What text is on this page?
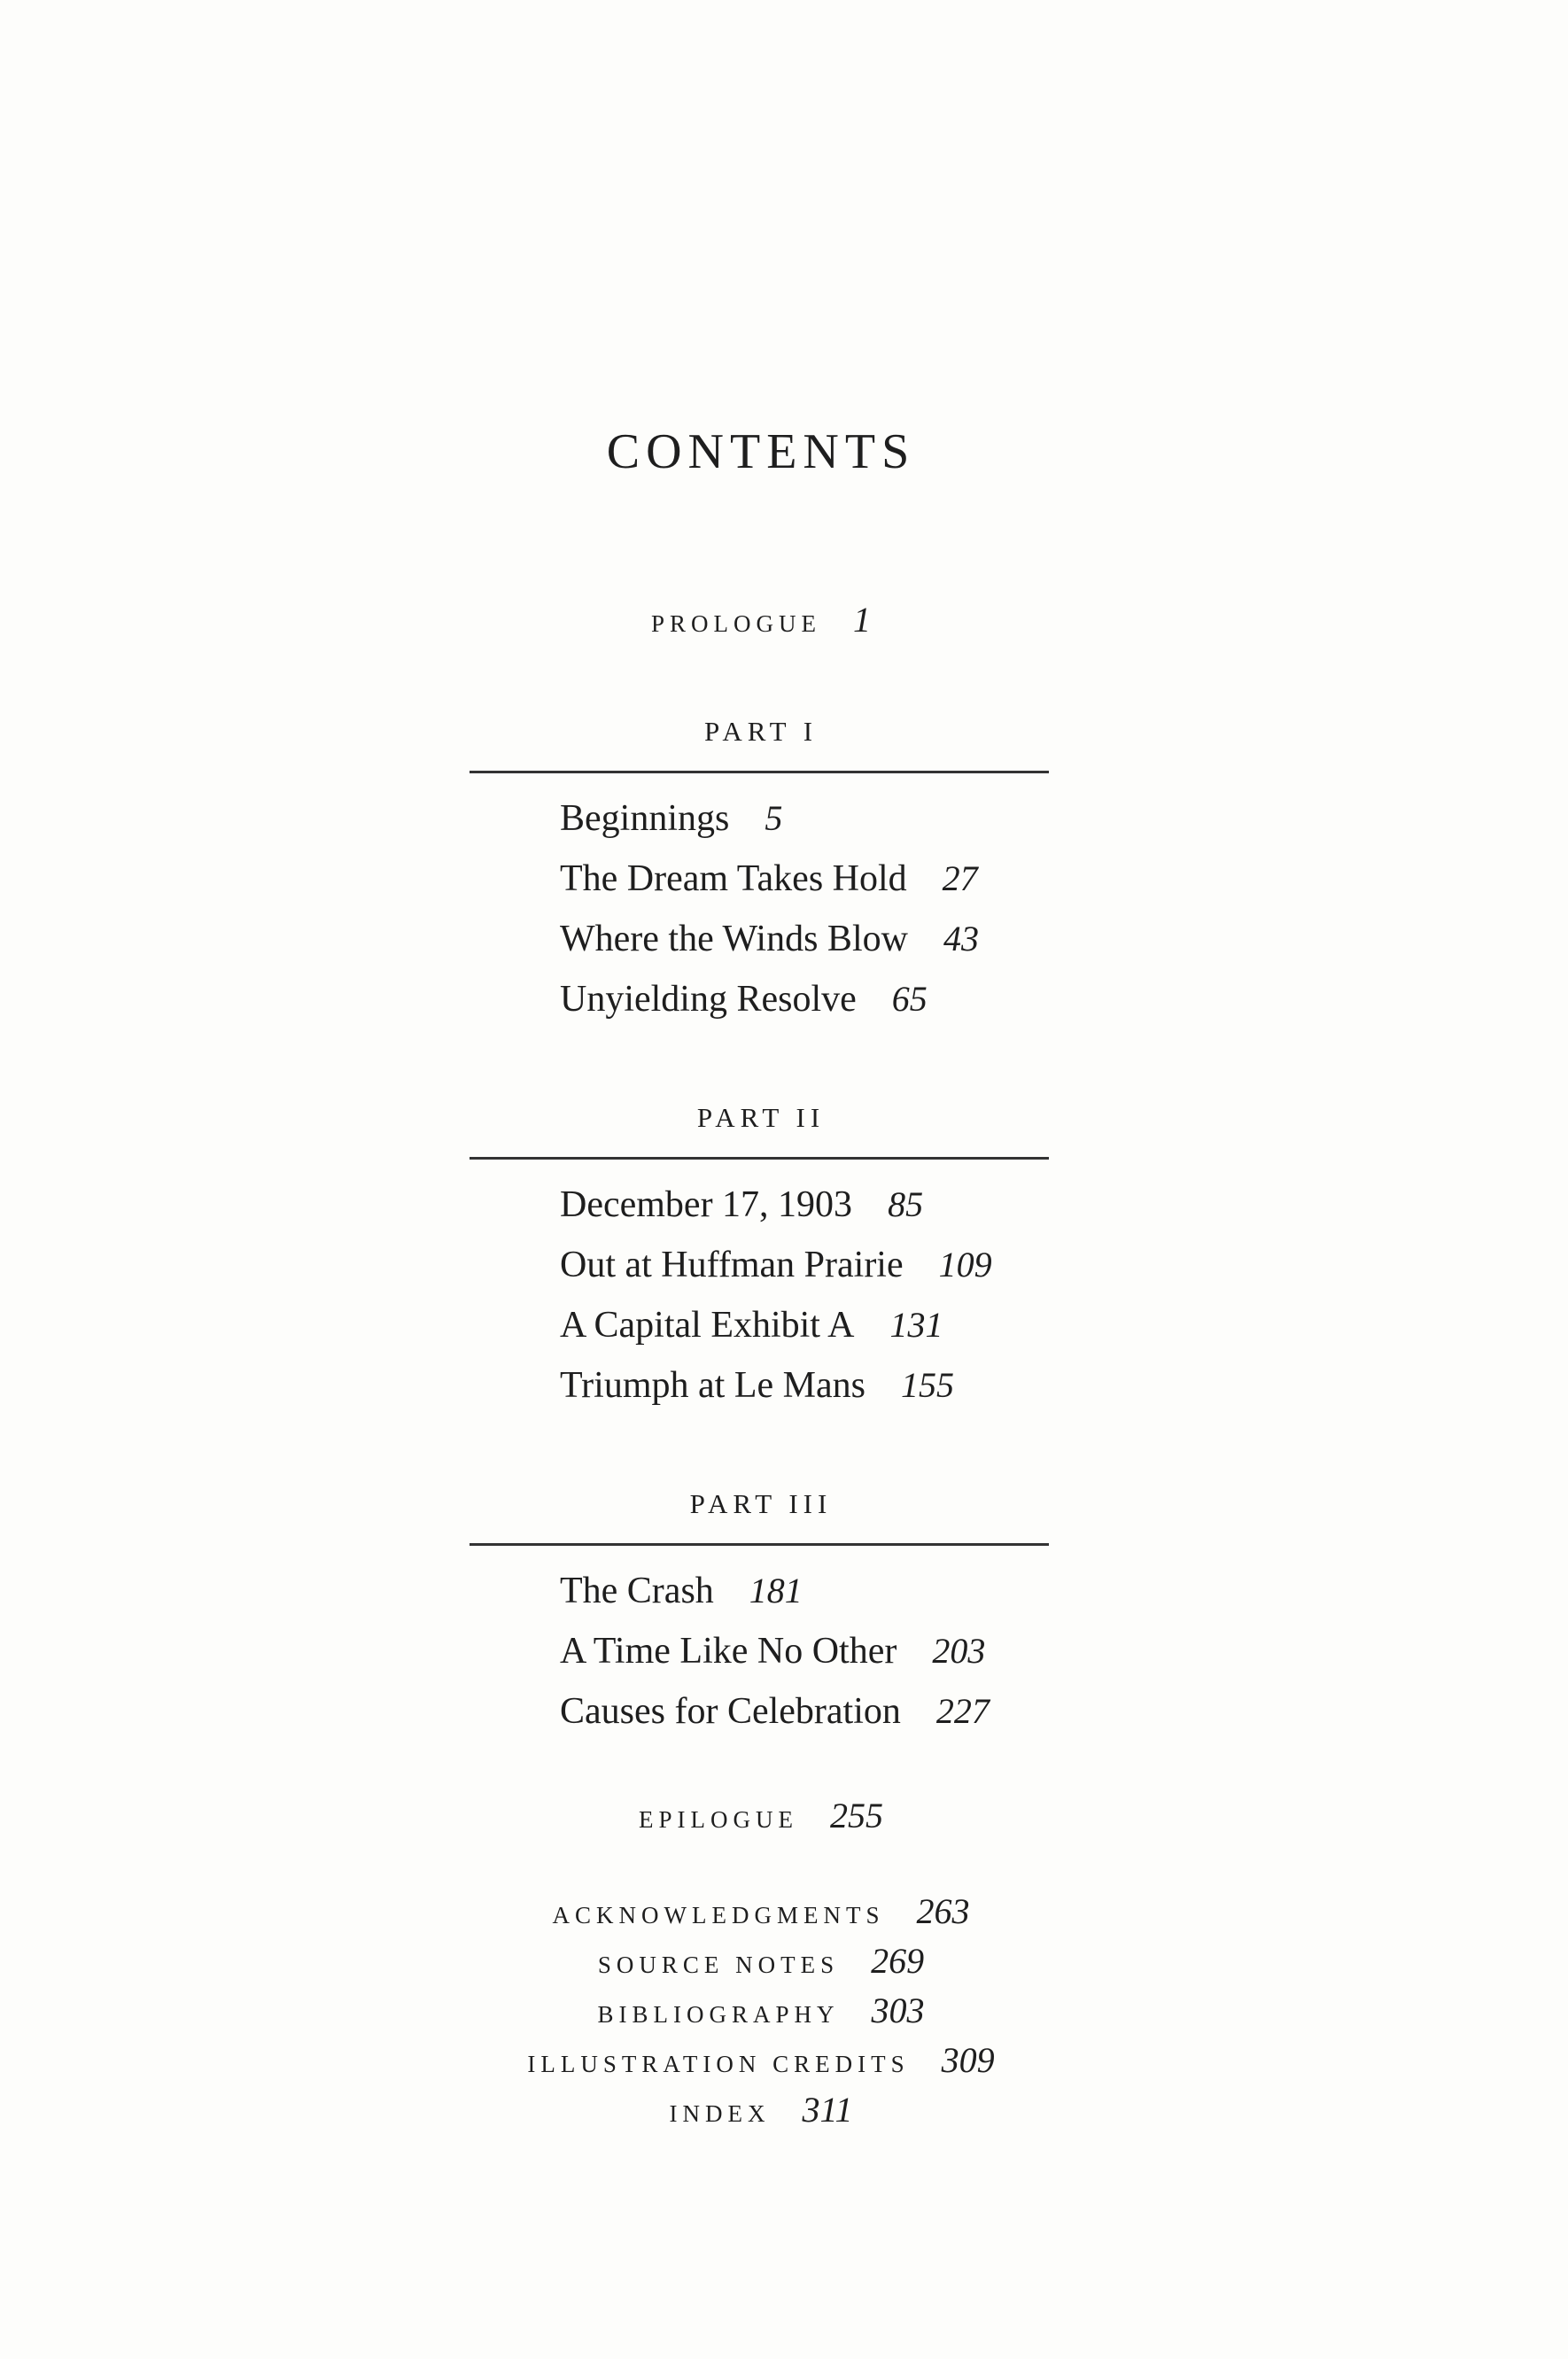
CONTENTS
PROLOGUE 1
PART I
Beginnings 5
The Dream Takes Hold 27
Where the Winds Blow 43
Unyielding Resolve 65
PART II
December 17, 1903 85
Out at Huffman Prairie 109
A Capital Exhibit A 131
Triumph at Le Mans 155
PART III
The Crash 181
A Time Like No Other 203
Causes for Celebration 227
EPILOGUE 255
ACKNOWLEDGMENTS 263
SOURCE NOTES 269
BIBLIOGRAPHY 303
ILLUSTRATION CREDITS 309
INDEX 311
